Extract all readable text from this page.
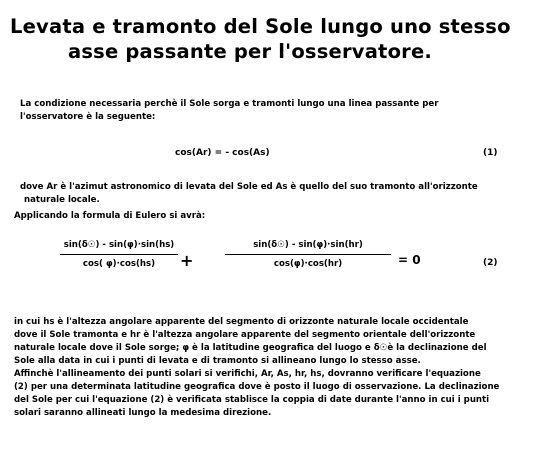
Levata e tramonto del Sole lungo uno stesso
asse passante per l'osservatore.
La condizione necessaria perchè il Sole sorga e tramonti lungo una linea passante per
l'osservatore è la seguente:
cos(Ar) = - cos(As)	(1)
dove Ar è l'azimut astronomico di levata del Sole ed As è quello del suo tramonto all'orizzonte
naturale locale.
Applicando la formula di Eulero si avrà:
sin(δ☉) - sin(φ)·sin(hs)
cos( φ)·cos(hs)	+
sin(δ☉) - sin(φ)·sin(hr)
cos(φ)·cos(hr)	= 0	(2)
in cui hs è l'altezza angolare apparente del segmento di orizzonte naturale locale occidentale
dove il Sole tramonta e hr è l'altezza angolare apparente del segmento orientale dell'orizzonte
naturale locale dove il Sole sorge; φ è la latitudine geografica del luogo e δ☉è la declinazione del
Sole alla data in cui i punti di levata e di tramonto si allineano lungo lo stesso asse.
Affinchè l'allineamento dei punti solari si verifichi, Ar, As, hr, hs, dovranno verificare l'equazione
(2) per una determinata latitudine geografica dove è posto il luogo di osservazione. La declinazione
del Sole per cui l'equazione (2) è verificata stablisce la coppia di date durante l'anno in cui i punti
solari saranno allineati lungo la medesima direzione.
